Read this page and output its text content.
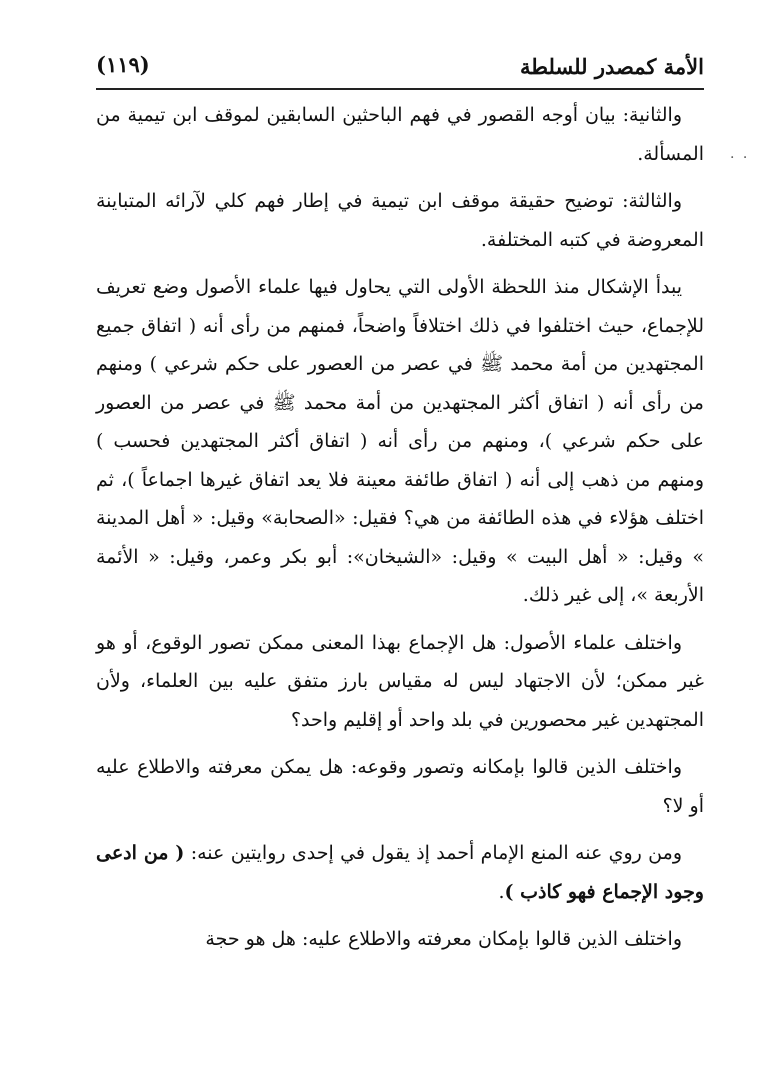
الأمة كمصدر للسلطة
(١١٩)
· ·

والثانية: بيان أوجه القصور في فهم الباحثين السابقين لموقف ابن تيمية من المسألة.

والثالثة: توضيح حقيقة موقف ابن تيمية في إطار فهم كلي لآرائه المتباينة المعروضة في كتبه المختلفة.

يبدأ الإشكال منذ اللحظة الأولى التي يحاول فيها علماء الأصول وضع تعريف للإجماع، حيث اختلفوا في ذلك اختلافاً واضحاً، فمنهم من رأى أنه ( اتفاق جميع المجتهدين من أمة محمد ﷺ في عصر من العصور على حكم شرعي ) ومنهم من رأى أنه ( اتفاق أكثر المجتهدين من أمة محمد ﷺ في عصر من العصور على حكم شرعي )، ومنهم من رأى أنه ( اتفاق أكثر المجتهدين فحسب ) ومنهم من ذهب إلى أنه ( اتفاق طائفة معينة فلا يعد اتفاق غيرها اجماعاً )، ثم اختلف هؤلاء في هذه الطائفة من هي؟ فقيل: «الصحابة» وقيل: « أهل المدينة » وقيل: « أهل البيت » وقيل: «الشيخان»: أبو بكر وعمر، وقيل: « الأئمة الأربعة »، إلى غير ذلك.

واختلف علماء الأصول: هل الإجماع بهذا المعنى ممكن تصور الوقوع، أو هو غير ممكن؛ لأن الاجتهاد ليس له مقياس بارز متفق عليه بين العلماء، ولأن المجتهدين غير محصورين في بلد واحد أو إقليم واحد؟

واختلف الذين قالوا بإمكانه وتصور وقوعه: هل يمكن معرفته والاطلاع عليه أو لا؟

ومن روي عنه المنع الإمام أحمد إذ يقول في إحدى روايتين عنه: ( من ادعى وجود الإجماع فهو كاذب ).

واختلف الذين قالوا بإمكان معرفته والاطلاع عليه: هل هو حجة
